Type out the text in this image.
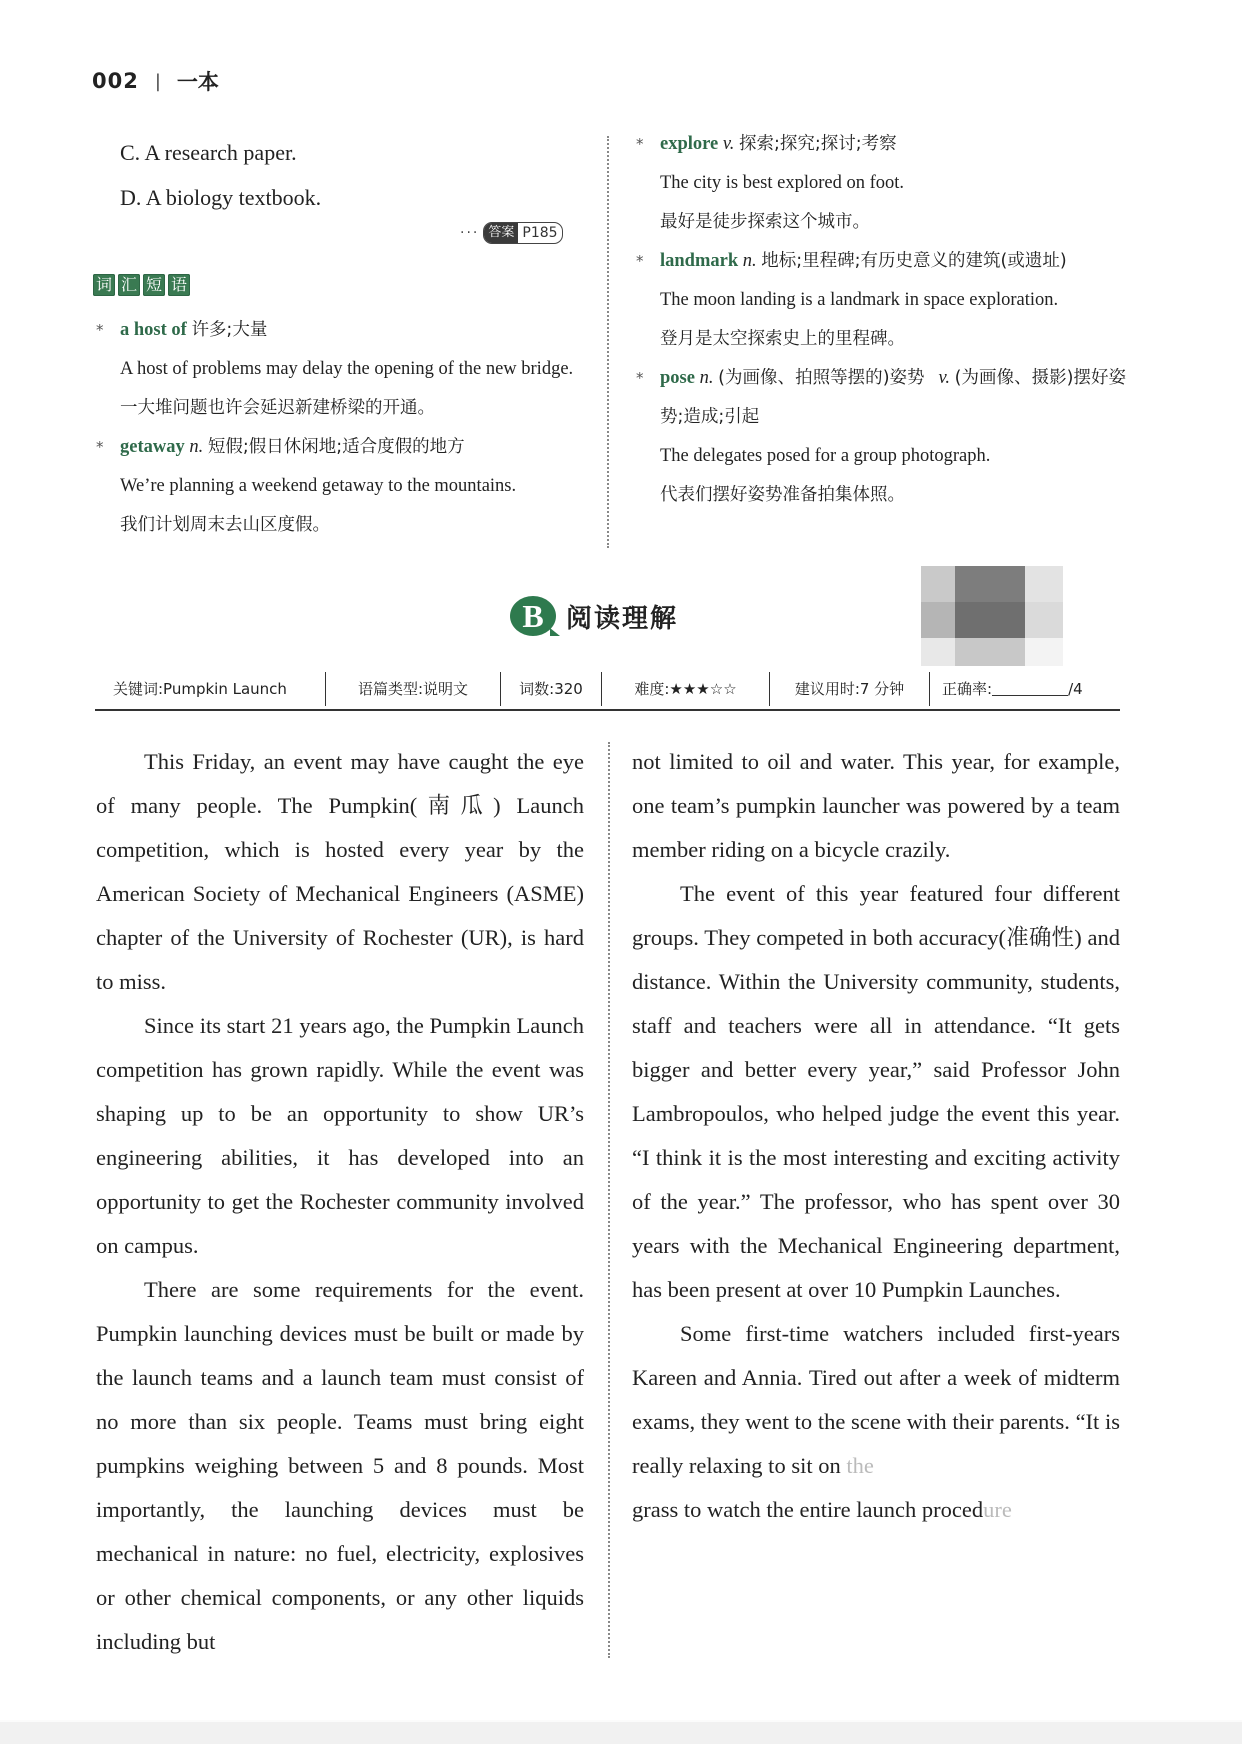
002 | 一本
C. A research paper.
D. A biology textbook.
··· 答案 P185
词 汇 短 语
* a host of 许多;大量
A host of problems may delay the opening of the new bridge.
一大堆问题也许会延迟新建桥梁的开通。
* getaway n. 短假;假日休闲地;适合度假的地方
We’re planning a weekend getaway to the mountains.
我们计划周末去山区度假。
* explore v. 探索;探究;探讨;考察
The city is best explored on foot.
最好是徒步探索这个城市。
* landmark n. 地标;里程碑;有历史意义的建筑(或遗址)
The moon landing is a landmark in space exploration.
登月是太空探索史上的里程碑。
* pose n. (为画像、拍照等摆的)姿势 v. (为画像、摄影)摆好姿势;造成;引起
The delegates posed for a group photograph.
代表们摆好姿势准备拍集体照。
B 阅读理解
关键词:Pumpkin Launch	语篇类型:说明文	词数:320	难度:★★★☆☆	建议用时:7 分钟	正确率:	/4

This Friday, an event may have caught the eye of many people. The Pumpkin(南瓜) Launch competition, which is hosted every year by the American Society of Mechanical Engineers (ASME) chapter of the University of Rochester (UR), is hard to miss.

Since its start 21 years ago, the Pumpkin Launch competition has grown rapidly. While the event was shaping up to be an opportunity to show UR’s engineering abilities, it has developed into an opportunity to get the Rochester community involved on campus.

There are some requirements for the event. Pumpkin launching devices must be built or made by the launch teams and a launch team must consist of no more than six people. Teams must bring eight pumpkins weighing between 5 and 8 pounds. Most importantly, the launching devices must be mechanical in nature: no fuel, electricity, explosives or other chemical components, or any other liquids including but

not limited to oil and water. This year, for example, one team’s pumpkin launcher was powered by a team member riding on a bicycle crazily.

The event of this year featured four different groups. They competed in both accuracy(准确性) and distance. Within the University community, students, staff and teachers were all in attendance. “It gets bigger and better every year,” said Professor John Lambropoulos, who helped judge the event this year. “I think it is the most interesting and exciting activity of the year.” The professor, who has spent over 30 years with the Mechanical Engineering department, has been present at over 10 Pumpkin Launches.

Some first-time watchers included first-years Kareen and Annia. Tired out after a week of midterm exams, they went to the scene with their parents. “It is really relaxing to sit on the

grass to watch the entire launch procedure
